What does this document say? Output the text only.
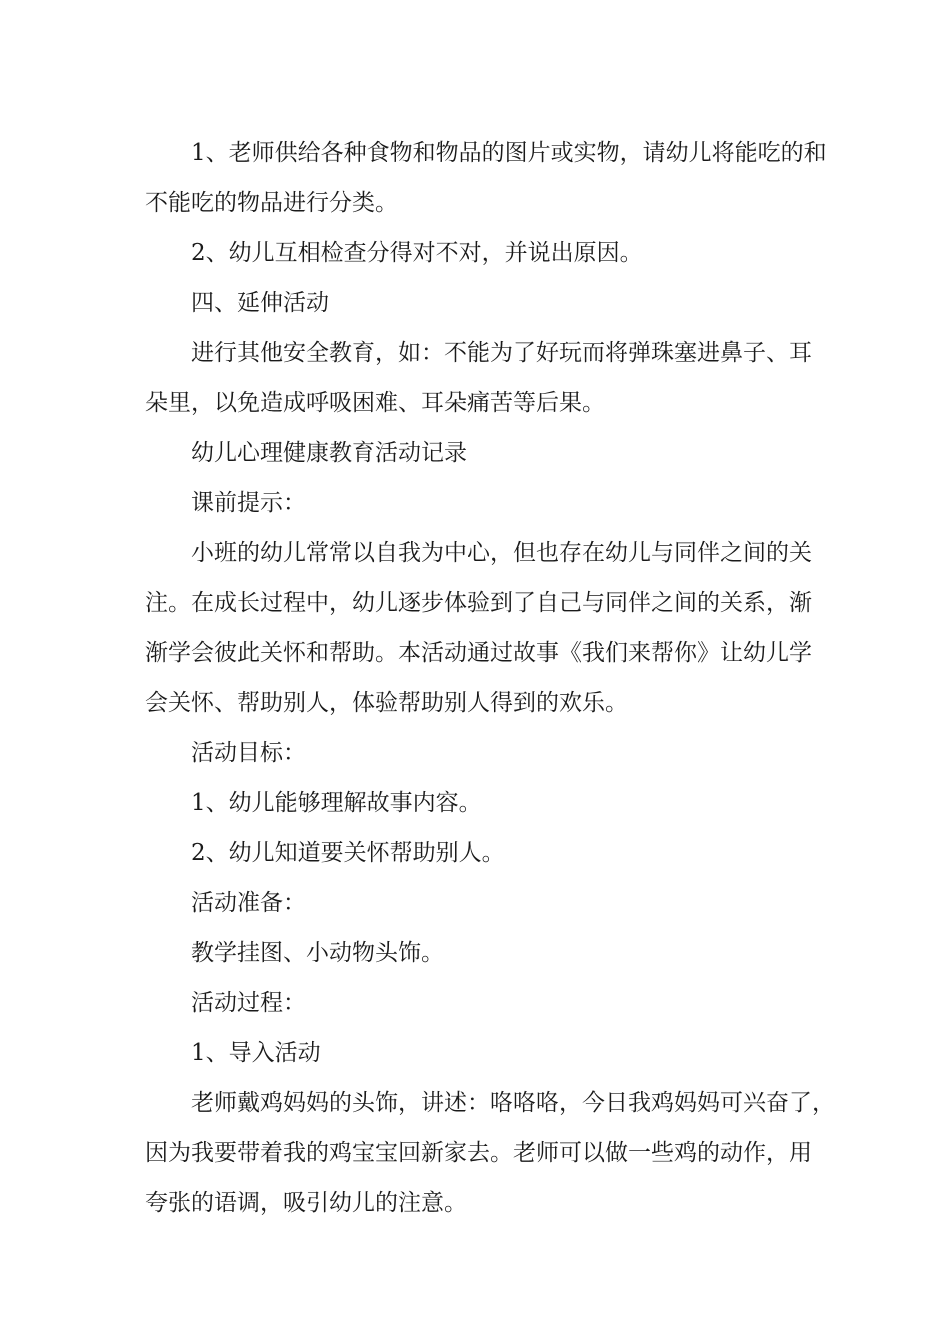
1、老师供给各种食物和物品的图片或实物，请幼儿将能吃的和

不能吃的物品进行分类。

2、幼儿互相检查分得对不对，并说出原因。

四、延伸活动

进行其他安全教育，如：不能为了好玩而将弹珠塞进鼻子、耳

朵里，以免造成呼吸困难、耳朵痛苦等后果。

幼儿心理健康教育活动记录

课前提示：

小班的幼儿常常以自我为中心，但也存在幼儿与同伴之间的关

注。在成长过程中，幼儿逐步体验到了自己与同伴之间的关系，渐

渐学会彼此关怀和帮助。本活动通过故事《我们来帮你》让幼儿学

会关怀、帮助别人，体验帮助别人得到的欢乐。

活动目标：

1、幼儿能够理解故事内容。

2、幼儿知道要关怀帮助别人。

活动准备：

教学挂图、小动物头饰。

活动过程：

1、导入活动

老师戴鸡妈妈的头饰，讲述：咯咯咯，今日我鸡妈妈可兴奋了，

因为我要带着我的鸡宝宝回新家去。老师可以做一些鸡的动作，用

夸张的语调，吸引幼儿的注意。
